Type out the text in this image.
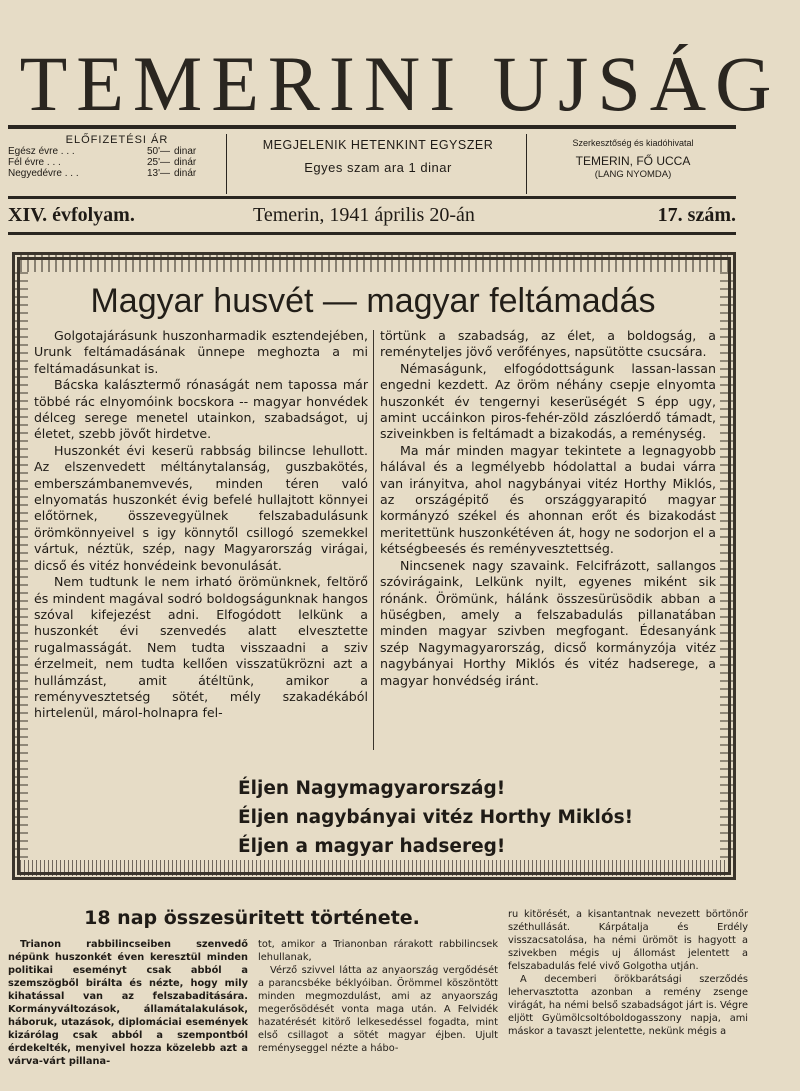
TEMERINI UJSÁG
ELŐFIZETÉSI ÁR
Egész évre . . .	50'— dinar
Fél évre . . .	25'— dinár
Negyedévre . . .	13'— dinár
MEGJELENIK HETENKINT EGYSZER
Egyes szam ara 1 dinar
Szerkesztőség és kiadóhivatal
TEMERIN, FŐ UCCA
(LANG NYOMDA)
XIV. évfolyam.	Temerin, 1941 április 20-án	17. szám.
Magyar husvét — magyar feltámadás

Golgotajárásunk huszonharmadik esztendejében, Urunk feltámadásának ünnepe meghozta a mi feltámadásunkat is.

Bácska kalásztermő rónaságát nem tapossa már többé rác elnyomóink bocskora -- magyar honvédek délceg serege menetel utainkon, szabadságot, uj életet, szebb jövőt hirdetve.

Huszonkét évi keserü rabbság bilincse lehullott. Az elszenvedett méltánytalanság, guszbakötés, emberszámbanemvevés, minden téren való elnyomatás huszonkét évig befelé hullajtott könnyei előtörnek, összevegyülnek felszabadulásunk örömkönnyeivel s igy könnytől csillogó szemekkel vártuk, néztük, szép, nagy Magyarország virágai, dicső és vitéz honvédeink bevonulását.

Nem tudtunk le nem irható örömünknek, feltörő és mindent magával sodró boldogságunknak hangos szóval kifejezést adni. Elfogódott lelkünk a huszonkét évi szenvedés alatt elvesztette rugalmasságát. Nem tudta visszaadni a sziv érzelmeit, nem tudta kellően visszatükrözni azt a hullámzást, amit átéltünk, amikor a reményvesztetség sötét, mély szakadékából hirtelenül, márol-holnapra fel-

törtünk a szabadság, az élet, a boldogság, a reményteljes jövő verőfényes, napsütötte csucsára.

Némaságunk, elfogódottságunk lassan-lassan engedni kezdett. Az öröm néhány csepje elnyomta huszonkét év tengernyi keserüségét S épp ugy, amint uccáinkon piros-fehér-zöld zászlóerdő támadt, sziveinkben is feltámadt a bizakodás, a reménység.

Ma már minden magyar tekintete a legnagyobb hálával és a legmélyebb hódolattal a budai várra van irányitva, ahol nagybányai vitéz Horthy Miklós, az országépitő és országgyarapitó magyar kormányzó székel és ahonnan erőt és bizakodást meritettünk huszonkétéven át, hogy ne sodorjon el a kétségbeesés és reményvesztettség.

Nincsenek nagy szavaink. Felcifrázott, sallangos szóvirágaink, Lelkünk nyilt, egyenes miként sik rónánk. Örömünk, hálánk összesürüsödik abban a hüségben, amely a felszabadulás pillanatában minden magyar szivben megfogant. Édesanyánk szép Nagymagyarország, dicső kormányzója vitéz nagybányai Horthy Miklós és vitéz hadserege, a magyar honvédség iránt.

Éljen Nagymagyarország!
Éljen nagybányai vitéz Horthy Miklós!
Éljen a magyar hadsereg!
18 nap összesüritett története.

Trianon rabbilincseiben szenvedő népünk huszonkét éven keresztül minden politikai eseményt csak abból a szemszögből birálta és nézte, hogy mily kihatással van az felszabaditására. Kormányváltozások, államátalakulások, háboruk, utazások, diplomáciai események kizárólag csak abból a szempontból érdekelték, menyivel hozza közelebb azt a várva-várt pillana-

tot, amikor a Trianonban rárakott rabbilincsek lehullanak,

Vérző szivvel látta az anyaország vergődését a parancsbéke béklyóiban. Örömmel köszöntött minden megmozdulást, ami az anyaország megerősödését vonta maga után. A Felvidék hazatérését kitörő lelkesedéssel fogadta, mint első csillagot a sötét magyar éjben. Ujult reményseggel nézte a hábo-

ru kitörését, a kisantantnak nevezett börtönőr széthullását. Kárpátalja és Erdély visszacsatolása, ha némi ürömöt is hagyott a szivekben mégis uj állomást jelentett a felszabadulás felé vivő Golgotha utján.

A decemberi örökbarátsági szerződés lehervasztotta azonban a remény zsenge virágát, ha némi belső szabadságot járt is. Végre eljött Gyümölcsoltóboldogasszony napja, ami máskor a tavaszt jelentette, nekünk mégis a
